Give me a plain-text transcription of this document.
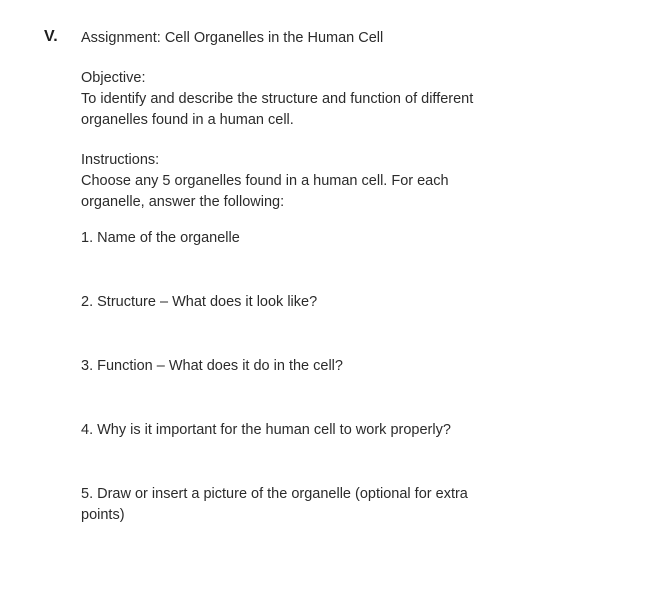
V. Assignment: Cell Organelles in the Human Cell

Objective:

To identify and describe the structure and function of different organelles found in a human cell.

Instructions:

Choose any 5 organelles found in a human cell. For each organelle, answer the following:

1. Name of the organelle

2. Structure – What does it look like?

3. Function – What does it do in the cell?

4. Why is it important for the human cell to work properly?

5. Draw or insert a picture of the organelle (optional for extra points)
